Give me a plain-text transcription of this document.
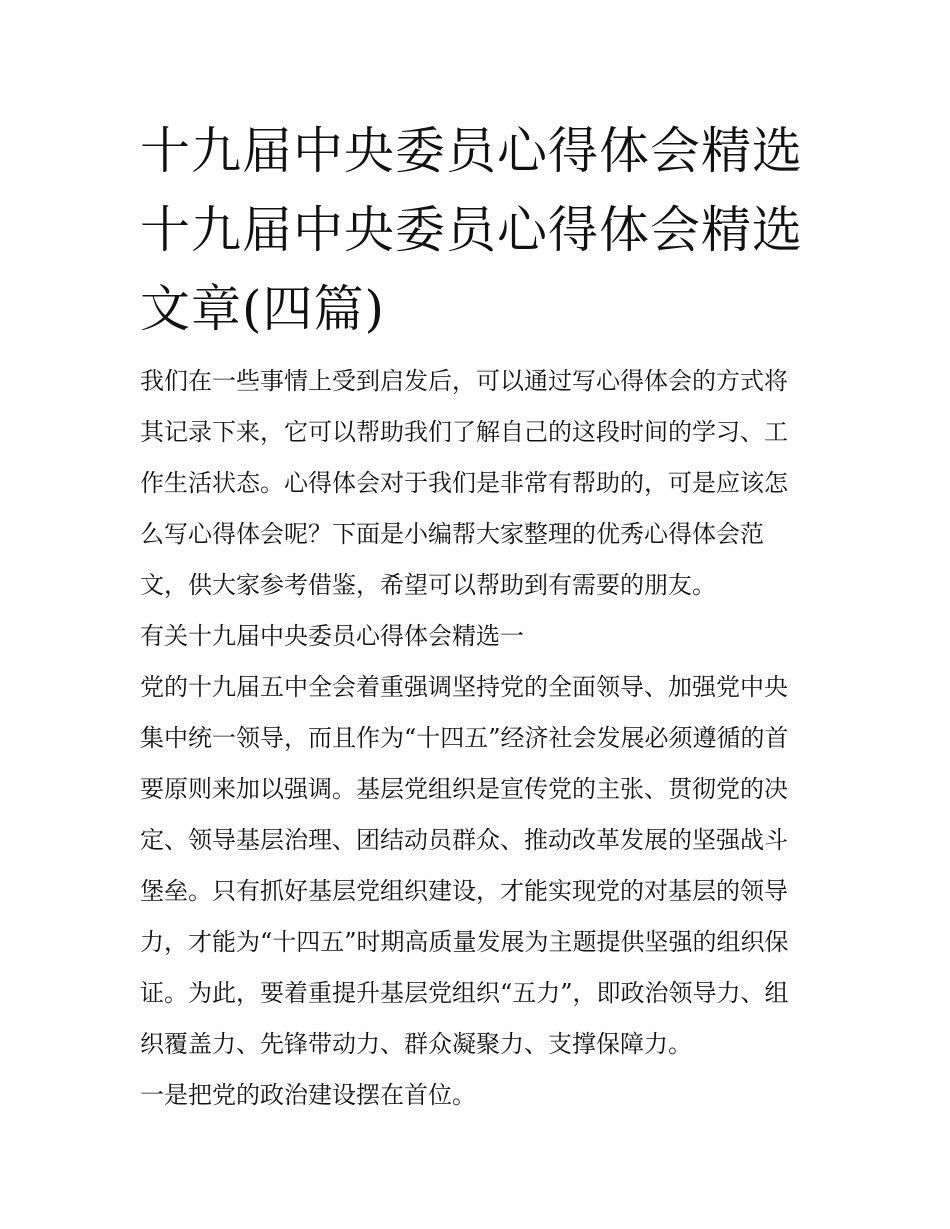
十九届中央委员心得体会精选
十九届中央委员心得体会精选
文章(四篇)
我们在一些事情上受到启发后，可以通过写心得体会的方式将
其记录下来，它可以帮助我们了解自己的这段时间的学习、工
作生活状态。心得体会对于我们是非常有帮助的，可是应该怎
么写心得体会呢？下面是小编帮大家整理的优秀心得体会范
文，供大家参考借鉴，希望可以帮助到有需要的朋友。
有关十九届中央委员心得体会精选一
党的十九届五中全会着重强调坚持党的全面领导、加强党中央
集中统一领导，而且作为“十四五”经济社会发展必须遵循的首
要原则来加以强调。基层党组织是宣传党的主张、贯彻党的决
定、领导基层治理、团结动员群众、推动改革发展的坚强战斗
堡垒。只有抓好基层党组织建设，才能实现党的对基层的领导
力，才能为“十四五”时期高质量发展为主题提供坚强的组织保
证。为此，要着重提升基层党组织“五力”，即政治领导力、组
织覆盖力、先锋带动力、群众凝聚力、支撑保障力。
一是把党的政治建设摆在首位。
